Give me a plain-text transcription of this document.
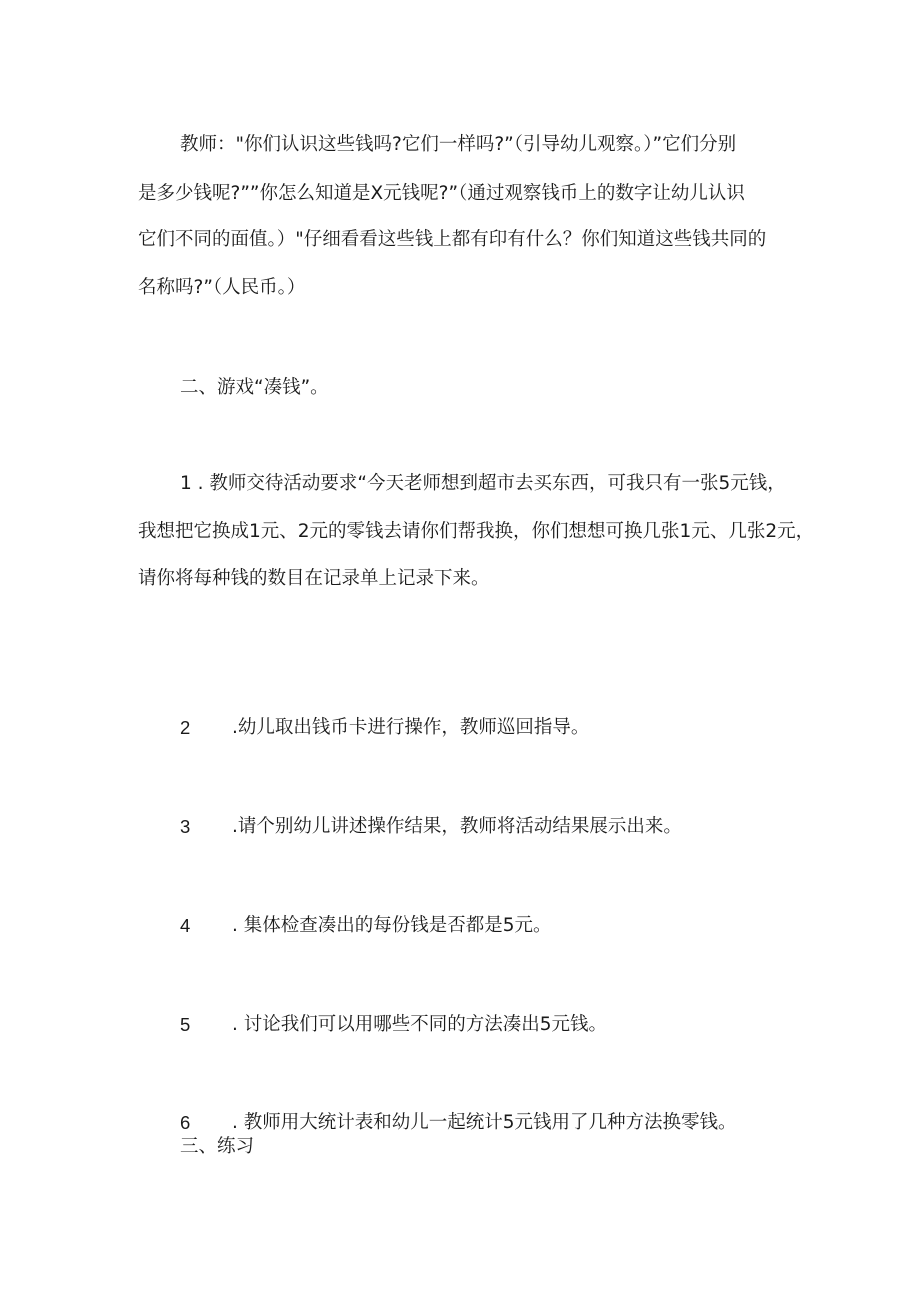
教师："你们认识这些钱吗?它们一样吗?”（引导幼儿观察。）”它们分别
是多少钱呢?””你怎么知道是X元钱呢?”（通过观察钱币上的数字让幼儿认识
它们不同的面值。）"仔细看看这些钱上都有印有什么？你们知道这些钱共同的
名称吗?”（人民币。）
二、游戏“凑钱”。
1 . 教师交待活动要求“今天老师想到超市去买东西，可我只有一张5元钱，
我想把它换成1元、2元的零钱去请你们帮我换，你们想想可换几张1元、几张2元，
请你将每种钱的数目在记录单上记录下来。
2 .幼儿取出钱币卡进行操作，教师巡回指导。
3 .请个别幼儿讲述操作结果，教师将活动结果展示出来。
4 . 集体检查凑出的每份钱是否都是5元。
5 . 讨论我们可以用哪些不同的方法凑出5元钱。
6 . 教师用大统计表和幼儿一起统计5元钱用了几种方法换零钱。
三、练习
